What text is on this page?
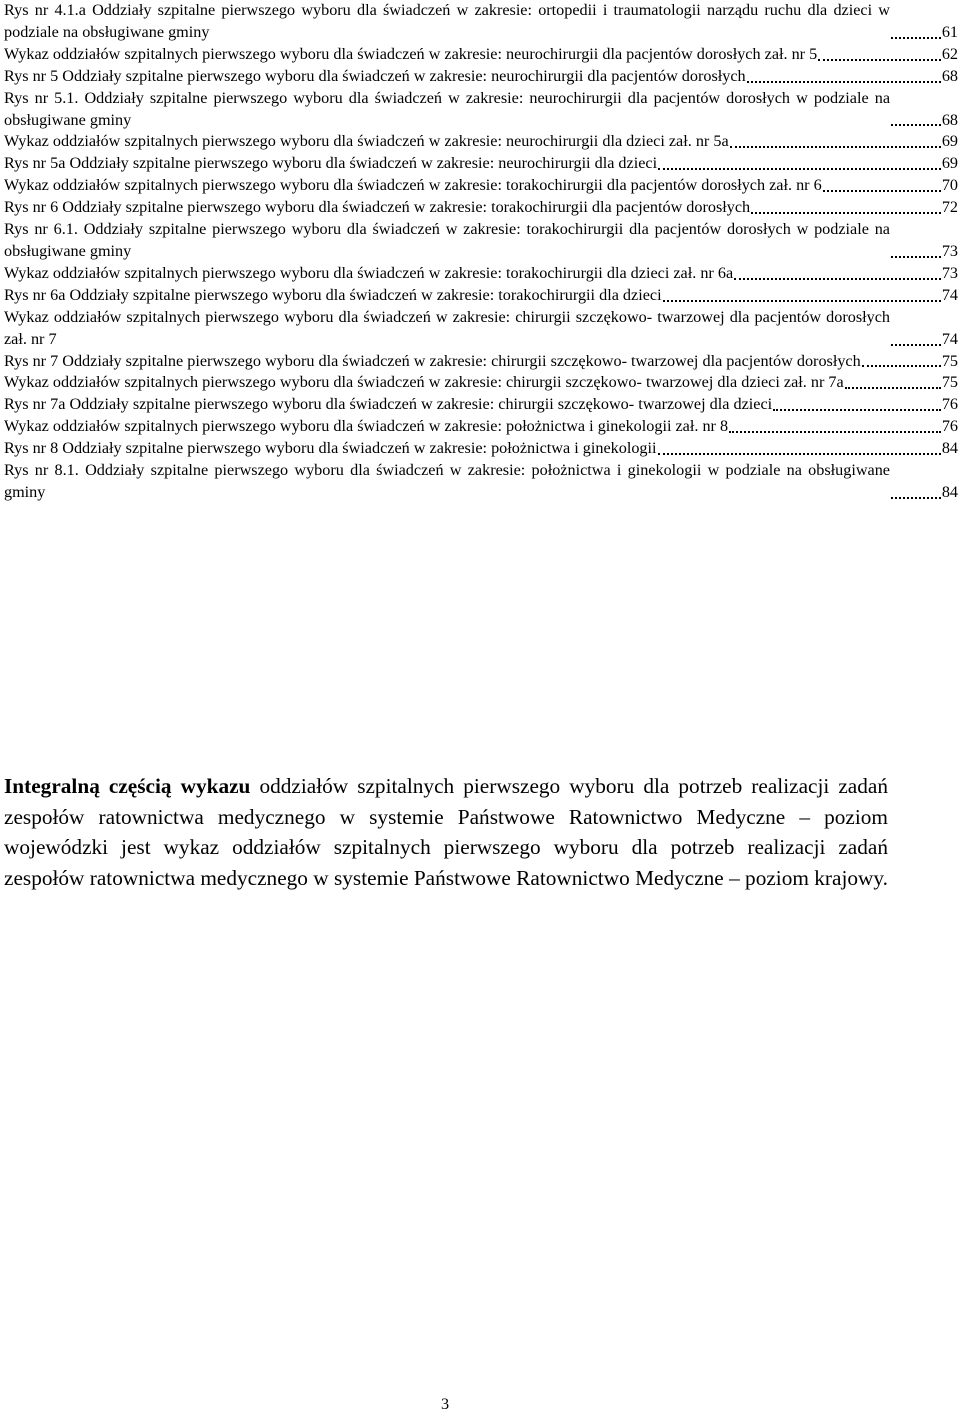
Rys nr 4.1.a Oddziały szpitalne pierwszego wyboru dla świadczeń w zakresie: ortopedii i traumatologii narządu ruchu dla dzieci w podziale na obsługiwane gminy	61
Wykaz oddziałów szpitalnych pierwszego wyboru dla świadczeń w zakresie: neurochirurgii dla pacjentów dorosłych zał. nr 5	62
Rys nr 5 Oddziały szpitalne pierwszego wyboru dla świadczeń w zakresie: neurochirurgii dla pacjentów dorosłych	68
Rys nr 5.1. Oddziały szpitalne pierwszego wyboru dla świadczeń w zakresie: neurochirurgii dla pacjentów dorosłych w podziale na obsługiwane gminy	68
Wykaz oddziałów szpitalnych pierwszego wyboru dla świadczeń w zakresie: neurochirurgii dla dzieci zał. nr 5a	69
Rys nr 5a Oddziały szpitalne pierwszego wyboru dla świadczeń w zakresie: neurochirurgii dla dzieci	69
Wykaz oddziałów szpitalnych pierwszego wyboru dla świadczeń w zakresie: torakochirurgii dla pacjentów dorosłych zał. nr 6	70
Rys nr 6 Oddziały szpitalne pierwszego wyboru dla świadczeń w zakresie: torakochirurgii dla pacjentów dorosłych	72
Rys nr 6.1. Oddziały szpitalne pierwszego wyboru dla świadczeń w zakresie: torakochirurgii dla pacjentów dorosłych w podziale na obsługiwane gminy	73
Wykaz oddziałów szpitalnych pierwszego wyboru dla świadczeń w zakresie: torakochirurgii dla dzieci zał. nr 6a	73
Rys nr 6a Oddziały szpitalne pierwszego wyboru dla świadczeń w zakresie: torakochirurgii dla dzieci	74
Wykaz oddziałów szpitalnych pierwszego wyboru dla świadczeń w zakresie: chirurgii szczękowo- twarzowej dla pacjentów dorosłych zał. nr 7	74
Rys nr 7 Oddziały szpitalne pierwszego wyboru dla świadczeń w zakresie: chirurgii szczękowo- twarzowej dla pacjentów dorosłych	75
Wykaz oddziałów szpitalnych pierwszego wyboru dla świadczeń w zakresie: chirurgii szczękowo- twarzowej dla dzieci zał. nr 7a	75
Rys nr 7a Oddziały szpitalne pierwszego wyboru dla świadczeń w zakresie: chirurgii szczękowo- twarzowej dla dzieci	76
Wykaz oddziałów szpitalnych pierwszego wyboru dla świadczeń w zakresie: położnictwa i ginekologii zał. nr 8	76
Rys nr 8 Oddziały szpitalne pierwszego wyboru dla świadczeń w zakresie: położnictwa i ginekologii	84
Rys nr 8.1. Oddziały szpitalne pierwszego wyboru dla świadczeń w zakresie: położnictwa i ginekologii w podziale na obsługiwane gminy	84

Integralną częścią wykazu oddziałów szpitalnych pierwszego wyboru dla potrzeb realizacji zadań zespołów ratownictwa medycznego w systemie Państwowe Ratownictwo Medyczne – poziom wojewódzki jest wykaz oddziałów szpitalnych pierwszego wyboru dla potrzeb realizacji zadań zespołów ratownictwa medycznego w systemie Państwowe Ratownictwo Medyczne – poziom krajowy.

3
